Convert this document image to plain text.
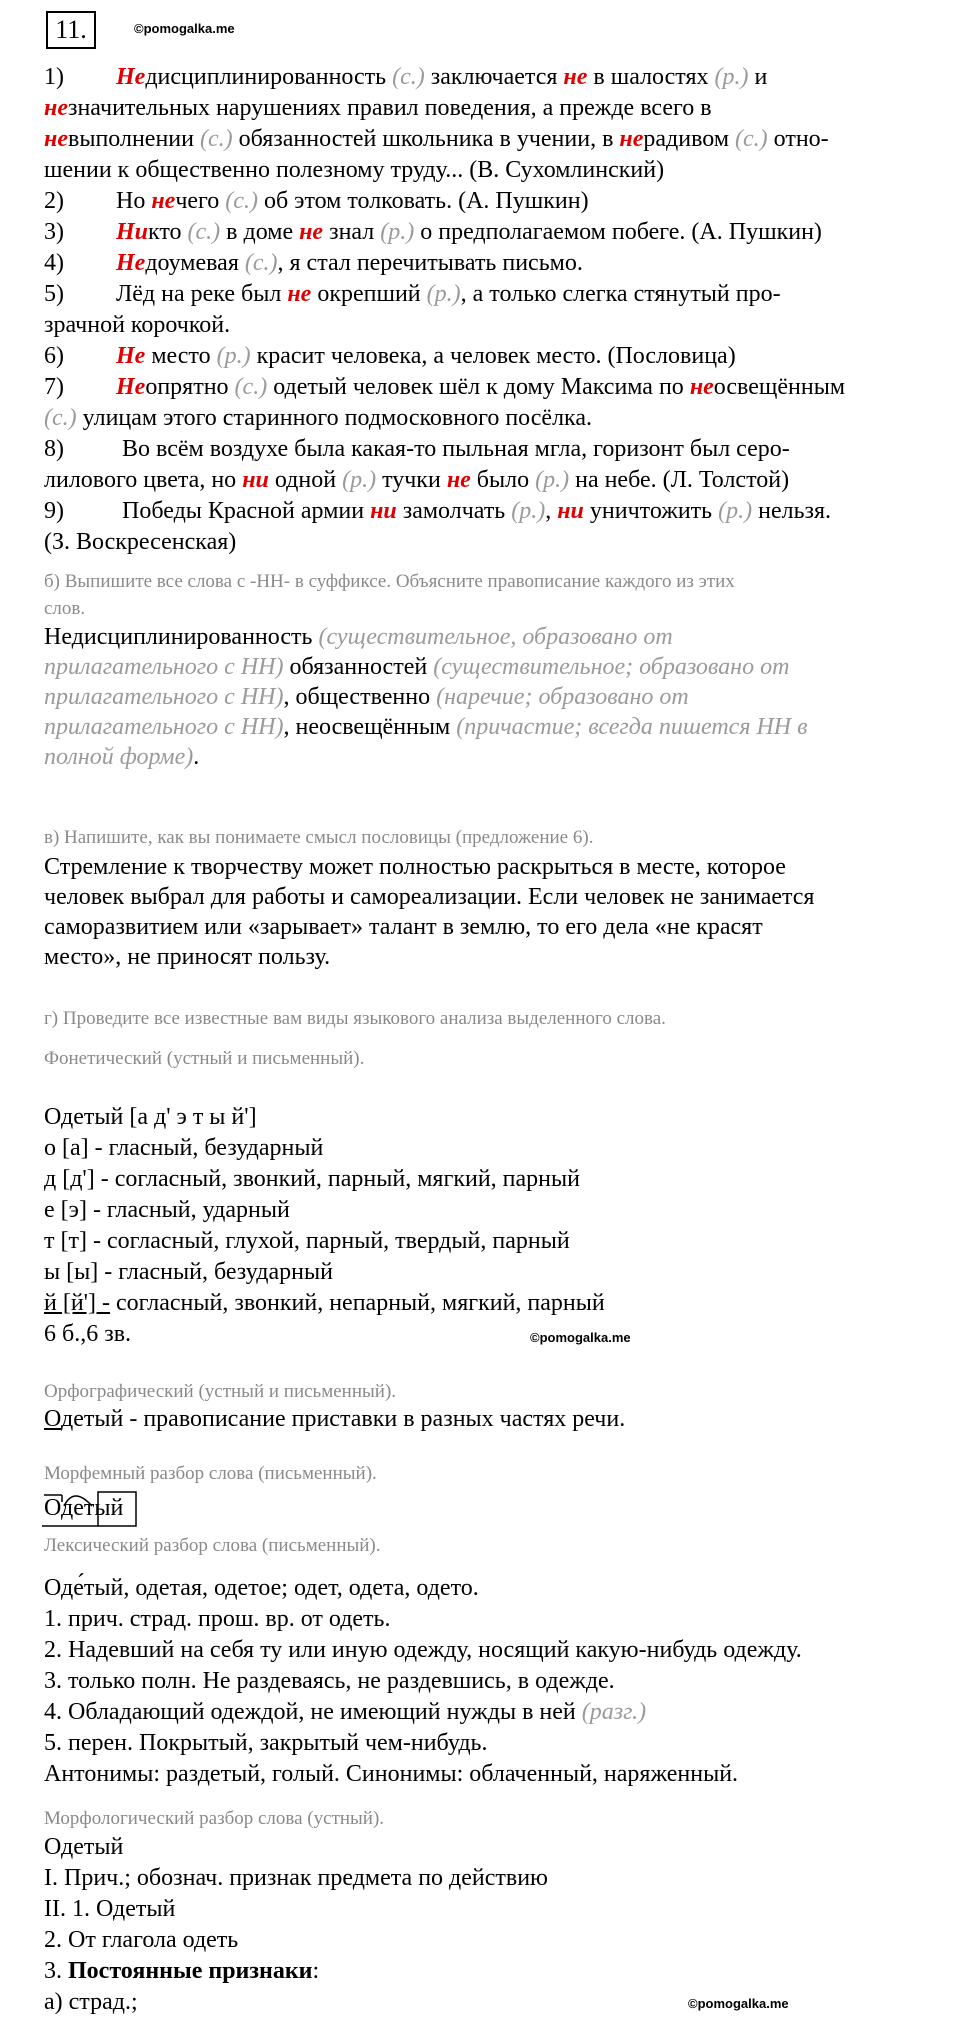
11.	©pomogalka.me
1) Недисциплинированность (с.) заключается не в шалостях (р.) и
незначительных нарушениях правил поведения, а прежде всего в
невыполнении (с.) обязанностей школьника в учении, в нерадивом (с.) отно-
шении к общественно полезному труду... (В. Сухомлинский)
2) Но нечего (с.) об этом толковать. (А. Пушкин)
3) Никто (с.) в доме не знал (р.) о предполагаемом побеге. (А. Пушкин)
4) Недоумевая (с.), я стал перечитывать письмо.
5) Лёд на реке был не окрепший (р.), а только слегка стянутый про-
зрачной корочкой.
6) Не место (р.) красит человека, а человек место. (Пословица)
7) Неопрятно (с.) одетый человек шёл к дому Максима по неосвещённым
(с.) улицам этого старинного подмосковного посёлка.
8) Во всём воздухе была какая-то пыльная мгла, горизонт был серо-
лилового цвета, но ни одной (р.) тучки не было (р.) на небе. (Л. Толстой)
9) Победы Красной армии ни замолчать (р.), ни уничтожить (р.) нельзя.
(З. Воскресенская)
б) Выпишите все слова с -НН- в суффиксе. Объясните правописание каждого из этих
слов.
Недисциплинированность (существительное, образовано от
прилагательного с НН) обязанностей (существительное; образовано от
прилагательного с НН), общественно (наречие; образовано от
прилагательного с НН), неосвещённым (причастие; всегда пишется НН в
полной форме).
в) Напишите, как вы понимаете смысл пословицы (предложение 6).
Стремление к творчеству может полностью раскрыться в месте, которое
человек выбрал для работы и самореализации. Если человек не занимается
саморазвитием или «зарывает» талант в землю, то его дела «не красят
место», не приносят пользу.
г) Проведите все известные вам виды языкового анализа выделенного слова.
Фонетический (устный и письменный).
Одетый [а д' э т ы й']
о [а] - гласный, безударный
д [д'] - согласный, звонкий, парный, мягкий, парный
е [э] - гласный, ударный
т [т] - согласный, глухой, парный, твердый, парный
ы [ы] - гласный, безударный
й [й'] - согласный, звонкий, непарный, мягкий, парный
6 б.,6 зв.	©pomogalka.me
Орфографический (устный и письменный).
Одетый - правописание приставки в разных частях речи.
Морфемный разбор слова (письменный).
Одетый
Лексический разбор слова (письменный).
Оде́тый, одетая, одетое; одет, одета, одето.
1. прич. страд. прош. вр. от одеть.
2. Надевший на себя ту или иную одежду, носящий какую-нибудь одежду.
3. только полн. Не раздеваясь, не раздевшись, в одежде.
4. Обладающий одеждой, не имеющий нужды в ней (разг.)
5. перен. Покрытый, закрытый чем-нибудь.
Антонимы: раздетый, голый. Синонимы: облаченный, наряженный.
Морфологический разбор слова (устный).
Одетый
I. Прич.; обознач. признак предмета по действию
II. 1. Одетый
2. От глагола одеть
3. Постоянные признаки:
а) страд.;	©pomogalka.me
